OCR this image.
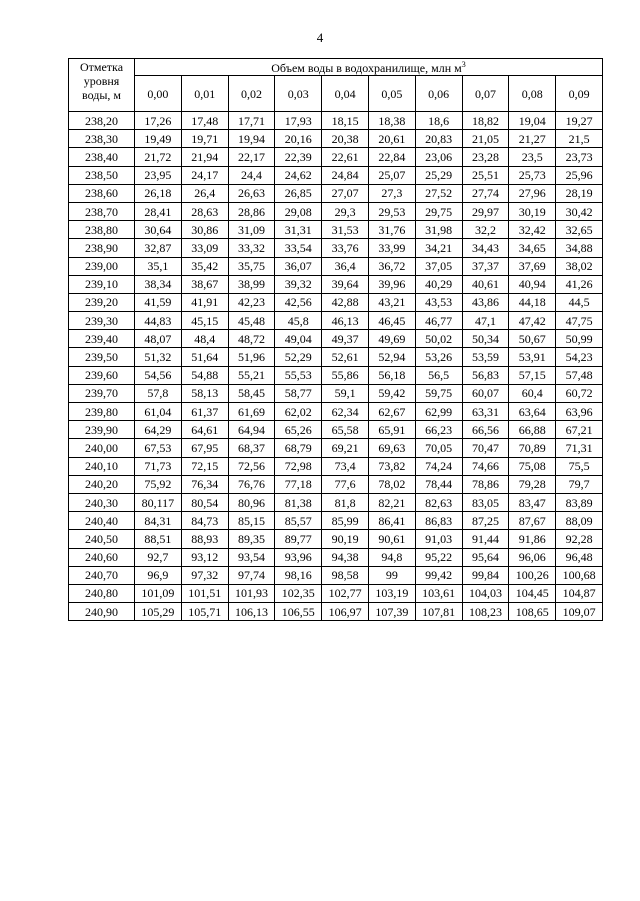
4
Отметка уровня воды, м	Объем воды в водохранилище, млн $м^3$
	0,00	0,01	0,02	0,03	0,04	0,05	0,06	0,07	0,08	0,09
238,20	17,26	17,48	17,71	17,93	18,15	18,38	18,6	18,82	19,04	19,27
238,30	19,49	19,71	19,94	20,16	20,38	20,61	20,83	21,05	21,27	21,5
238,40	21,72	21,94	22,17	22,39	22,61	22,84	23,06	23,28	23,5	23,73
238,50	23,95	24,17	24,4	24,62	24,84	25,07	25,29	25,51	25,73	25,96
238,60	26,18	26,4	26,63	26,85	27,07	27,3	27,52	27,74	27,96	28,19
238,70	28,41	28,63	28,86	29,08	29,3	29,53	29,75	29,97	30,19	30,42
238,80	30,64	30,86	31,09	31,31	31,53	31,76	31,98	32,2	32,42	32,65
238,90	32,87	33,09	33,32	33,54	33,76	33,99	34,21	34,43	34,65	34,88
239,00	35,1	35,42	35,75	36,07	36,4	36,72	37,05	37,37	37,69	38,02
239,10	38,34	38,67	38,99	39,32	39,64	39,96	40,29	40,61	40,94	41,26
239,20	41,59	41,91	42,23	42,56	42,88	43,21	43,53	43,86	44,18	44,5
239,30	44,83	45,15	45,48	45,8	46,13	46,45	46,77	47,1	47,42	47,75
239,40	48,07	48,4	48,72	49,04	49,37	49,69	50,02	50,34	50,67	50,99
239,50	51,32	51,64	51,96	52,29	52,61	52,94	53,26	53,59	53,91	54,23
239,60	54,56	54,88	55,21	55,53	55,86	56,18	56,5	56,83	57,15	57,48
239,70	57,8	58,13	58,45	58,77	59,1	59,42	59,75	60,07	60,4	60,72
239,80	61,04	61,37	61,69	62,02	62,34	62,67	62,99	63,31	63,64	63,96
239,90	64,29	64,61	64,94	65,26	65,58	65,91	66,23	66,56	66,88	67,21
240,00	67,53	67,95	68,37	68,79	69,21	69,63	70,05	70,47	70,89	71,31
240,10	71,73	72,15	72,56	72,98	73,4	73,82	74,24	74,66	75,08	75,5
240,20	75,92	76,34	76,76	77,18	77,6	78,02	78,44	78,86	79,28	79,7
240,30	80,117	80,54	80,96	81,38	81,8	82,21	82,63	83,05	83,47	83,89
240,40	84,31	84,73	85,15	85,57	85,99	86,41	86,83	87,25	87,67	88,09
240,50	88,51	88,93	89,35	89,77	90,19	90,61	91,03	91,44	91,86	92,28
240,60	92,7	93,12	93,54	93,96	94,38	94,8	95,22	95,64	96,06	96,48
240,70	96,9	97,32	97,74	98,16	98,58	99	99,42	99,84	100,26	100,68
240,80	101,09	101,51	101,93	102,35	102,77	103,19	103,61	104,03	104,45	104,87
240,90	105,29	105,71	106,13	106,55	106,97	107,39	107,81	108,23	108,65	109,07
